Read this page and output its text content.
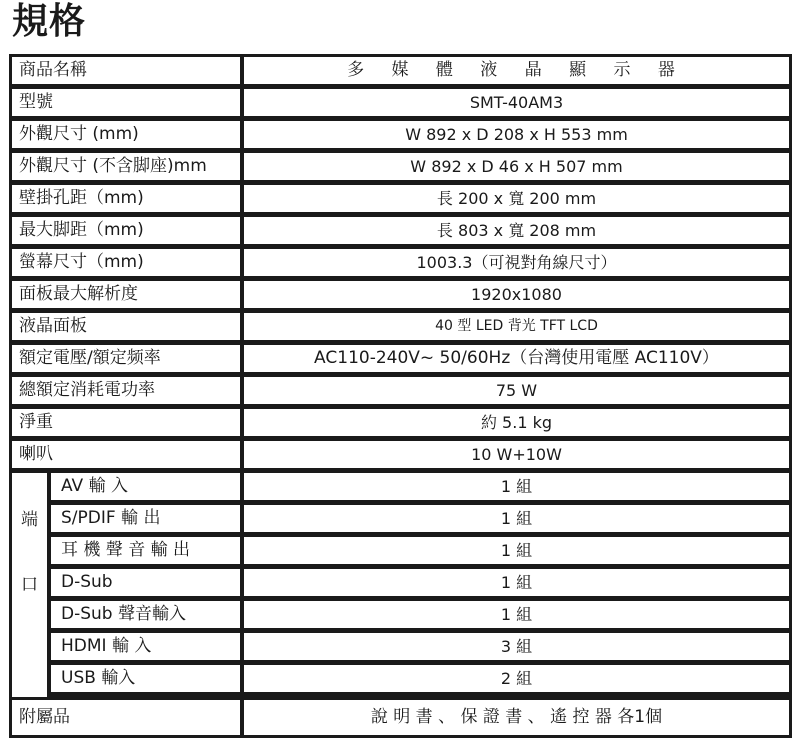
規格
商品名稱	多 媒 體 液 晶 顯 示 器
型號	SMT-40AM3
外觀尺寸 (mm)	W 892 x D 208 x H 553 mm
外觀尺寸 (不含脚座)mm	W 892 x D 46 x H 507 mm
壁掛孔距（mm)	長 200 x 寬 200 mm
最大脚距（mm)	長 803 x 寬 208 mm
螢幕尺寸（mm)	1003.3（可視對角線尺寸）
面板最大解析度	1920x1080
液晶面板	40 型 LED 背光 TFT LCD
額定電壓/額定频率	AC110-240V~ 50/60Hz（台灣使用電壓 AC110V）
總額定消耗電功率	75 W
淨重	約 5.1 kg
喇叭	10 W+10W
端
口
AV 輸 入	1 組
S/PDIF 輸 出	1 組
耳 機 聲 音 輸 出	1 組
D-Sub	1 組
D-Sub 聲音輸入	1 組
HDMI 輸 入	3 組
USB 輸入	2 組
附屬品	說 明 書 、 保 證 書 、 遙 控 器 各1個
